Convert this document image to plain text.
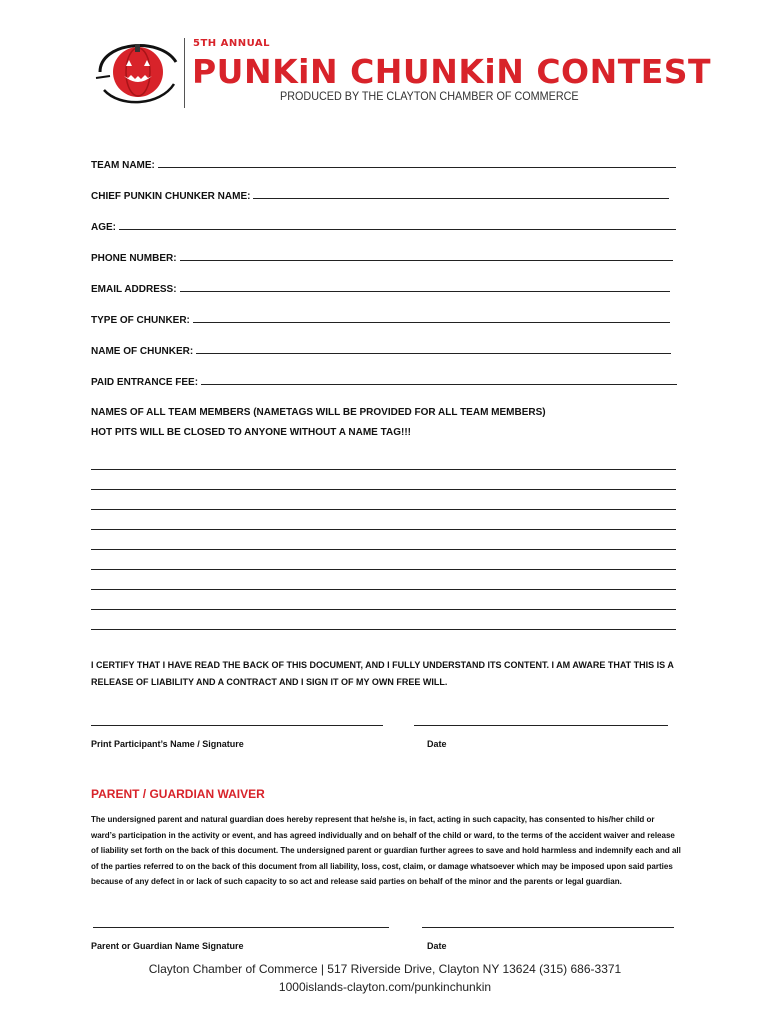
5TH ANNUAL
PUNKiN CHUNKiN CONTEST
PRODUCED BY THE CLAYTON CHAMBER OF COMMERCE
TEAM NAME:
CHIEF PUNKIN CHUNKER NAME:
AGE:
PHONE NUMBER:
EMAIL ADDRESS:
TYPE OF CHUNKER:
NAME OF CHUNKER:
PAID ENTRANCE FEE:
NAMES OF ALL TEAM MEMBERS (NAMETAGS WILL BE PROVIDED FOR ALL TEAM MEMBERS)
HOT PITS WILL BE CLOSED TO ANYONE WITHOUT A NAME TAG!!!
I CERTIFY THAT I HAVE READ THE BACK OF THIS DOCUMENT, AND I FULLY UNDERSTAND ITS CONTENT. I AM AWARE THAT THIS IS A RELEASE OF LIABILITY AND A CONTRACT AND I SIGN IT OF MY OWN FREE WILL.
Print Participant’s Name / Signature	Date
PARENT / GUARDIAN WAIVER
The undersigned parent and natural guardian does hereby represent that he/she is, in fact, acting in such capacity, has consented to his/her child or ward’s participation in the activity or event, and has agreed individually and on behalf of the child or ward, to the terms of the accident waiver and release of liability set forth on the back of this document. The undersigned parent or guardian further agrees to save and hold harmless and indemnify each and all of the parties referred to on the back of this document from all liability, loss, cost, claim, or damage whatsoever which may be imposed upon said parties because of any defect in or lack of such capacity to so act and release said parties on behalf of the minor and the parents or legal guardian.
Parent or Guardian Name Signature	Date
Clayton Chamber of Commerce | 517 Riverside Drive, Clayton NY 13624 (315) 686-3371
1000islands-clayton.com/punkinchunkin
